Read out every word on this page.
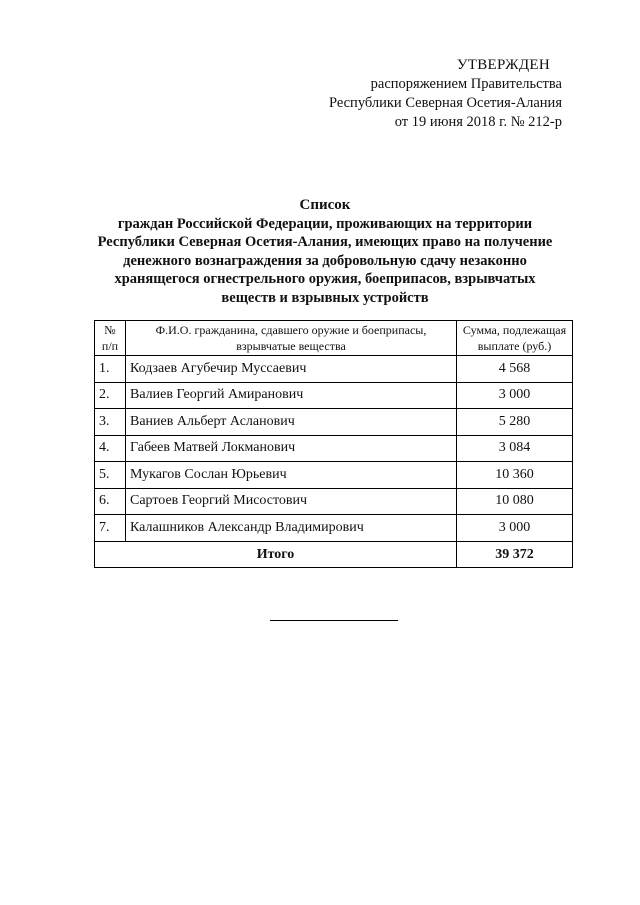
УТВЕРЖДЕН
распоряжением Правительства
Республики Северная Осетия-Алания
от 19 июня 2018 г. № 212-р
Список
граждан Российской Федерации, проживающих на территории
Республики Северная Осетия-Алания, имеющих право на получение
денежного вознаграждения за добровольную сдачу незаконно
хранящегося огнестрельного оружия, боеприпасов, взрывчатых
веществ и взрывных устройств
№ п/п	Ф.И.О. гражданина, сдавшего оружие и боеприпасы, взрывчатые вещества	Сумма, подлежащая выплате (руб.)
1.	Кодзаев Агубечир Муссаевич	4 568
2.	Валиев Георгий Амиранович	3 000
3.	Ваниев Альберт Асланович	5 280
4.	Габеев Матвей Локманович	3 084
5.	Мукагов Сослан Юрьевич	10 360
6.	Сартоев Георгий Мисостович	10 080
7.	Калашников Александр Владимирович	3 000
Итого		39 372
